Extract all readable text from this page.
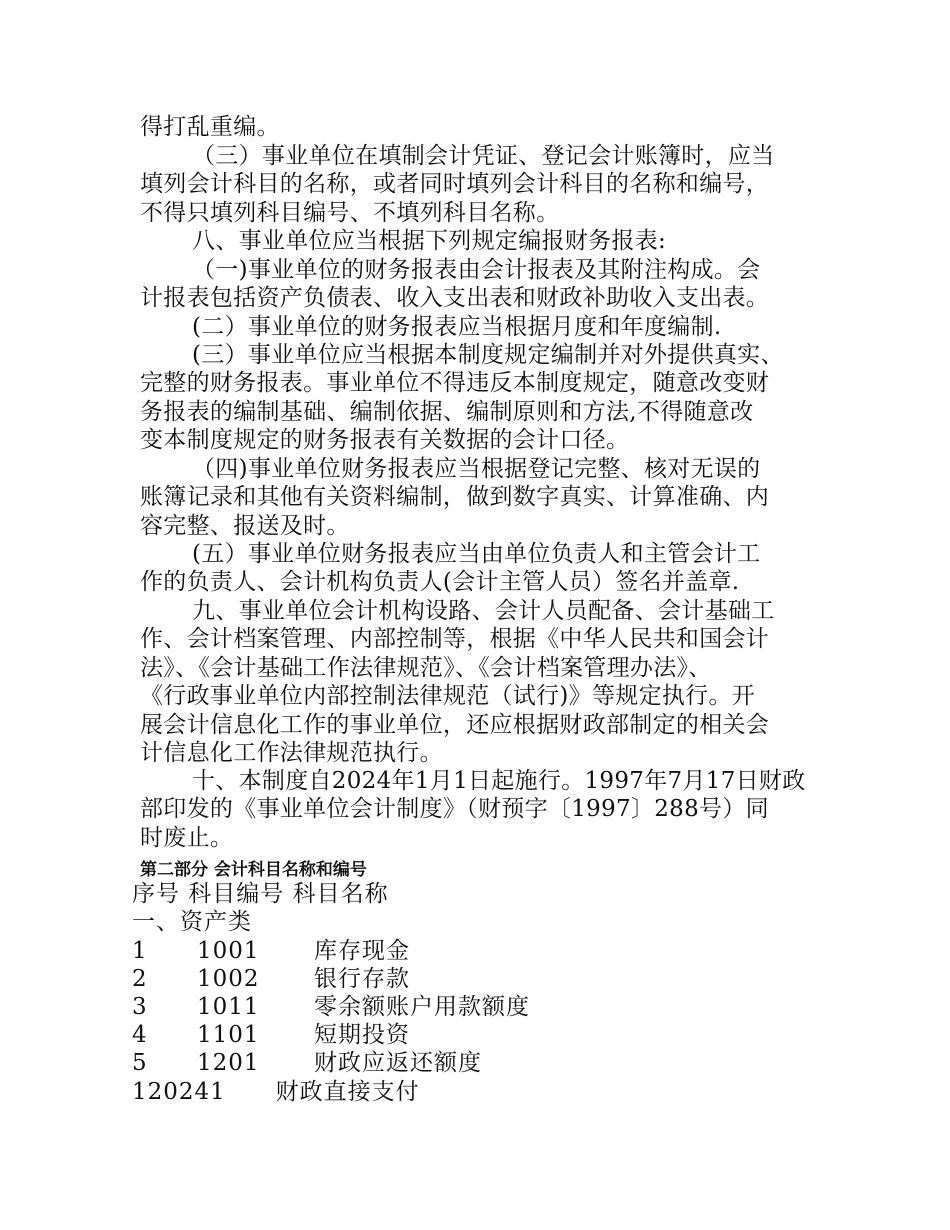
得打乱重编。
（三）事业单位在填制会计凭证、登记会计账簿时，应当
填列会计科目的名称，或者同时填列会计科目的名称和编号，
不得只填列科目编号、不填列科目名称。
八、事业单位应当根据下列规定编报财务报表:
（一)事业单位的财务报表由会计报表及其附注构成。会
计报表包括资产负债表、收入支出表和财政补助收入支出表。
(二）事业单位的财务报表应当根据月度和年度编制.
(三）事业单位应当根据本制度规定编制并对外提供真实、
完整的财务报表。事业单位不得违反本制度规定，随意改变财
务报表的编制基础、编制依据、编制原则和方法,不得随意改
变本制度规定的财务报表有关数据的会计口径。
（四)事业单位财务报表应当根据登记完整、核对无误的
账簿记录和其他有关资料编制，做到数字真实、计算准确、内
容完整、报送及时。
(五）事业单位财务报表应当由单位负责人和主管会计工
作的负责人、会计机构负责人(会计主管人员）签名并盖章.
九、事业单位会计机构设路、会计人员配备、会计基础工
作、会计档案管理、内部控制等，根据《中华人民共和国会计
法》、《会计基础工作法律规范》、《会计档案管理办法》、
《行政事业单位内部控制法律规范（试行)》等规定执行。开
展会计信息化工作的事业单位，还应根据财政部制定的相关会
计信息化工作法律规范执行。
十、本制度自2024年1月1日起施行。1997年7月17日财政
部印发的《事业单位会计制度》（财预字〔1997〕288号）同
时废止。
第二部分 会计科目名称和编号
序号 科目编号 科目名称
一、资产类
1 1001 库存现金
2 1002 银行存款
3 1011 零余额账户用款额度
4 1101 短期投资
5 1201 财政应返还额度
120241      财政直接支付
